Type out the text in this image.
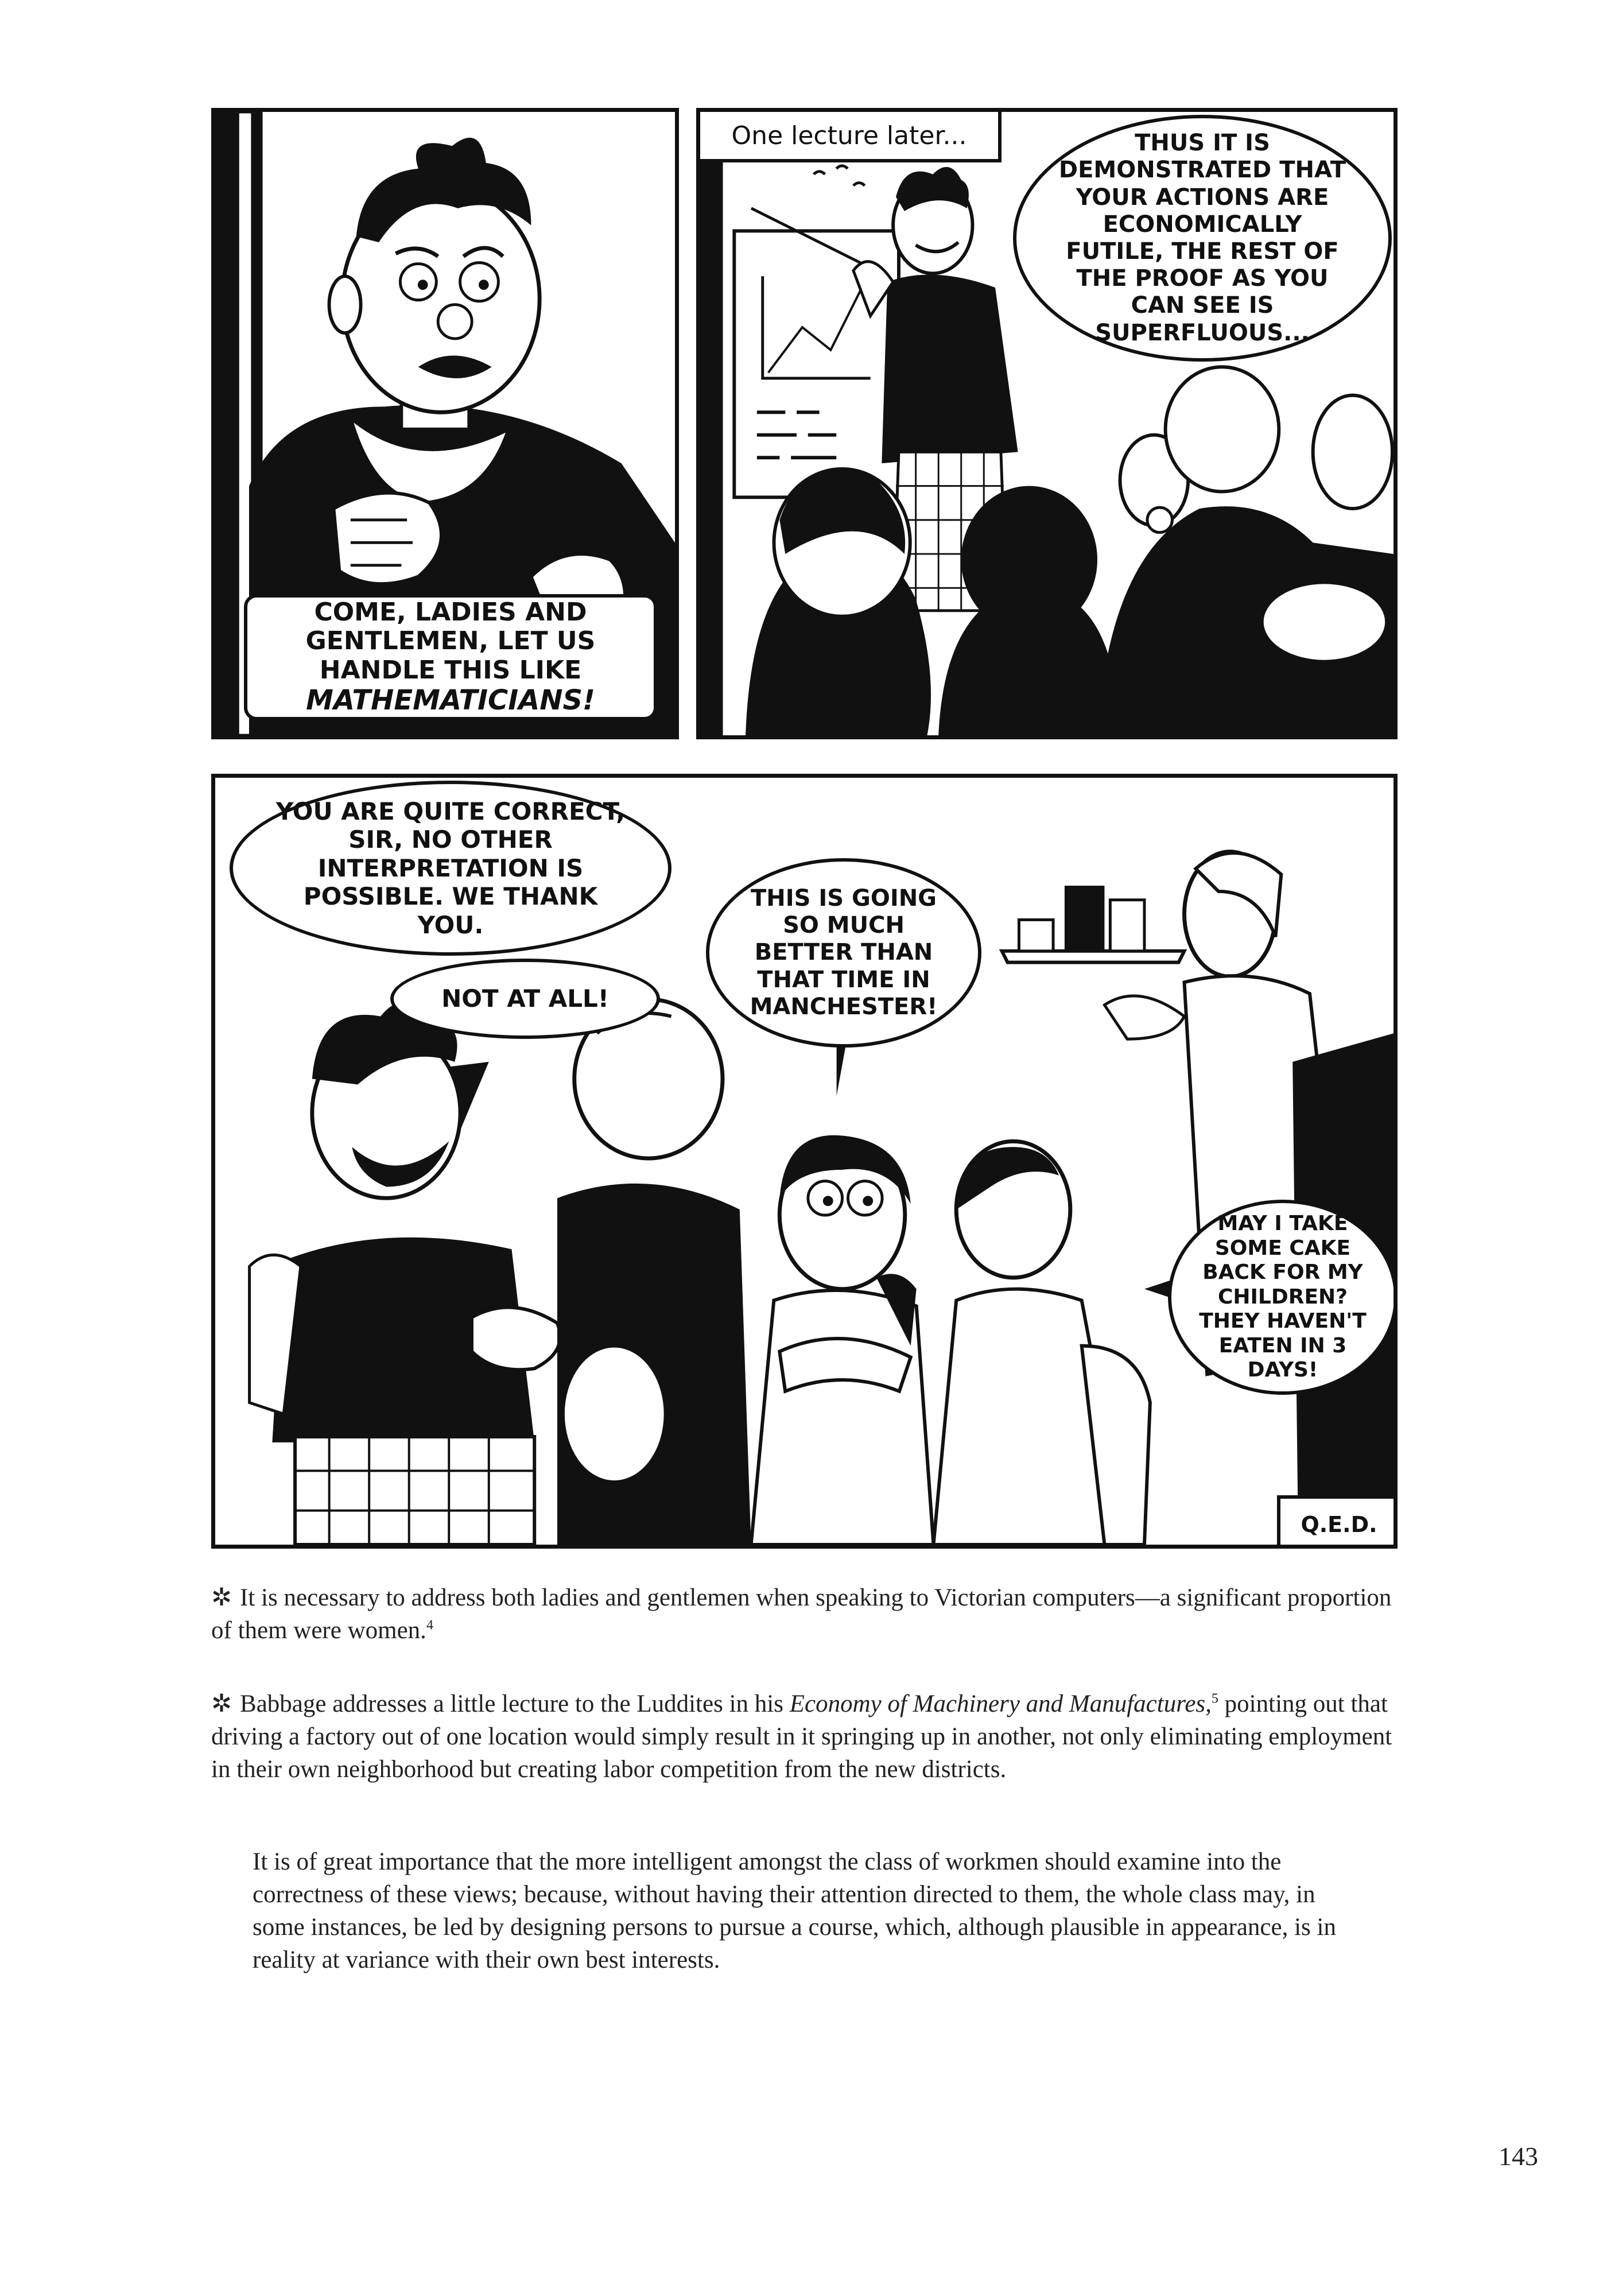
COME, LADIES AND GENTLEMEN, LET US HANDLE THIS LIKE
MATHEMATICIANS!
One lecture later...	THUS IT IS DEMONSTRATED THAT YOUR ACTIONS ARE ECONOMICALLY FUTILE, THE REST OF THE PROOF AS YOU CAN SEE IS SUPERFLUOUS...
YOU ARE QUITE CORRECT, SIR, NO OTHER INTERPRETATION IS POSSIBLE. WE THANK YOU.
NOT AT ALL!
THIS IS GOING SO MUCH BETTER THAN THAT TIME IN MANCHESTER!
MAY I TAKE SOME CAKE BACK FOR MY CHILDREN? THEY HAVEN'T EATEN IN 3 DAYS!
Q.E.D.
✲ It is necessary to address both ladies and gentlemen when speaking to Victorian computers—a significant proportion of them were women.$^4$
✲ Babbage addresses a little lecture to the Luddites in his Economy of Machinery and Manufactures,$^5$ pointing out that driving a factory out of one location would simply result in it springing up in another, not only eliminating employment in their own neighborhood but creating labor competition from the new districts.
It is of great importance that the more intelligent amongst the class of workmen should examine into the correctness of these views; because, without having their attention directed to them, the whole class may, in some instances, be led by designing persons to pursue a course, which, although plausible in appearance, is in reality at variance with their own best interests.
143
